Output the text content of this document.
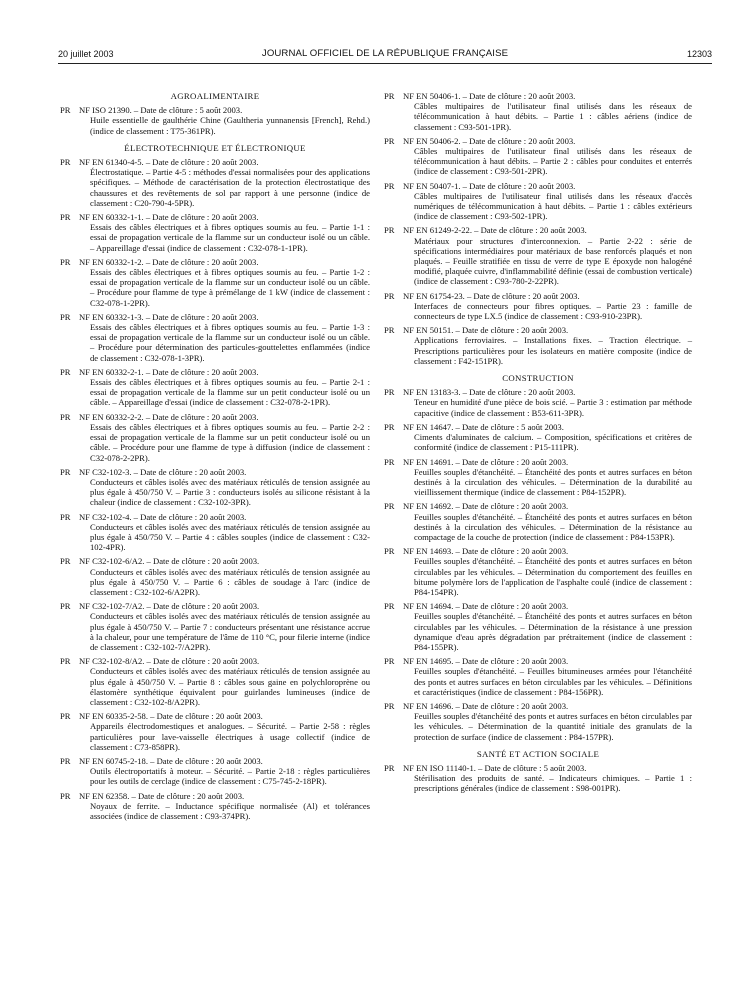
20 juillet 2003	JOURNAL OFFICIEL DE LA RÉPUBLIQUE FRANÇAISE	12303
AGROALIMENTAIRE
PR NF ISO 21390. – Date de clôture : 5 août 2003.
Huile essentielle de gaulthérie Chine (Gaultheria yunnanensis [French], Rehd.) (indice de classement : T75-361PR).
ÉLECTROTECHNIQUE ET ÉLECTRONIQUE
PR NF EN 61340-4-5. – Date de clôture : 20 août 2003.
Électrostatique. – Partie 4-5 : méthodes d'essai normalisées pour des applications spécifiques. – Méthode de caractérisation de la protection électrostatique des chaussures et des revêtements de sol par rapport à une personne (indice de classement : C20-790-4-5PR).
PR NF EN 60332-1-1. – Date de clôture : 20 août 2003.
Essais des câbles électriques et à fibres optiques soumis au feu. – Partie 1-1 : essai de propagation verticale de la flamme sur un conducteur isolé ou un câble. – Appareillage d'essai (indice de classement : C32-078-1-1PR).
PR NF EN 60332-1-2. – Date de clôture : 20 août 2003.
Essais des câbles électriques et à fibres optiques soumis au feu. – Partie 1-2 : essai de propagation verticale de la flamme sur un conducteur isolé ou un câble. – Procédure pour flamme de type à prémélange de 1 kW (indice de classement : C32-078-1-2PR).
PR NF EN 60332-1-3. – Date de clôture : 20 août 2003.
Essais des câbles électriques et à fibres optiques soumis au feu. – Partie 1-3 : essai de propagation verticale de la flamme sur un conducteur isolé ou un câble. – Procédure pour détermination des particules-gouttelettes enflammées (indice de classement : C32-078-1-3PR).
PR NF EN 60332-2-1. – Date de clôture : 20 août 2003.
Essais des câbles électriques et à fibres optiques soumis au feu. – Partie 2-1 : essai de propagation verticale de la flamme sur un petit conducteur isolé ou un câble. – Appareillage d'essai (indice de classement : C32-078-2-1PR).
PR NF EN 60332-2-2. – Date de clôture : 20 août 2003.
Essais des câbles électriques et à fibres optiques soumis au feu. – Partie 2-2 : essai de propagation verticale de la flamme sur un petit conducteur isolé ou un câble. – Procédure pour une flamme de type à diffusion (indice de classement : C32-078-2-2PR).
PR NF C32-102-3. – Date de clôture : 20 août 2003.
Conducteurs et câbles isolés avec des matériaux réticulés de tension assignée au plus égale à 450/750 V. – Partie 3 : conducteurs isolés au silicone résistant à la chaleur (indice de classement : C32-102-3PR).
PR NF C32-102-4. – Date de clôture : 20 août 2003.
Conducteurs et câbles isolés avec des matériaux réticulés de tension assignée au plus égale à 450/750 V. – Partie 4 : câbles souples (indice de classement : C32-102-4PR).
PR NF C32-102-6/A2. – Date de clôture : 20 août 2003.
Conducteurs et câbles isolés avec des matériaux réticulés de tension assignée au plus égale à 450/750 V. – Partie 6 : câbles de soudage à l'arc (indice de classement : C32-102-6/A2PR).
PR NF C32-102-7/A2. – Date de clôture : 20 août 2003.
Conducteurs et câbles isolés avec des matériaux réticulés de tension assignée au plus égale à 450/750 V. – Partie 7 : conducteurs présentant une résistance accrue à la chaleur, pour une température de l'âme de 110 °C, pour filerie interne (indice de classement : C32-102-7/A2PR).
PR NF C32-102-8/A2. – Date de clôture : 20 août 2003.
Conducteurs et câbles isolés avec des matériaux réticulés de tension assignée au plus égale à 450/750 V. – Partie 8 : câbles sous gaine en polychloroprène ou élastomère synthétique équivalent pour guirlandes lumineuses (indice de classement : C32-102-8/A2PR).
PR NF EN 60335-2-58. – Date de clôture : 20 août 2003.
Appareils électrodomestiques et analogues. – Sécurité. – Partie 2-58 : règles particulières pour lave-vaisselle électriques à usage collectif (indice de classement : C73-858PR).
PR NF EN 60745-2-18. – Date de clôture : 20 août 2003.
Outils électroportatifs à moteur. – Sécurité. – Partie 2-18 : règles particulières pour les outils de cerclage (indice de classement : C75-745-2-18PR).
PR NF EN 62358. – Date de clôture : 20 août 2003.
Noyaux de ferrite. – Inductance spécifique normalisée (Al) et tolérances associées (indice de classement : C93-374PR).
PR NF EN 50406-1. – Date de clôture : 20 août 2003.
Câbles multipaires de l'utilisateur final utilisés dans les réseaux de télécommunication à haut débits. – Partie 1 : câbles aériens (indice de classement : C93-501-1PR).
PR NF EN 50406-2. – Date de clôture : 20 août 2003.
Câbles multipaires de l'utilisateur final utilisés dans les réseaux de télécommunication à haut débits. – Partie 2 : câbles pour conduites et enterrés (indice de classement : C93-501-2PR).
PR NF EN 50407-1. – Date de clôture : 20 août 2003.
Câbles multipaires de l'utilisateur final utilisés dans les réseaux d'accès numériques de télécommunication à haut débits. – Partie 1 : câbles extérieurs (indice de classement : C93-502-1PR).
PR NF EN 61249-2-22. – Date de clôture : 20 août 2003.
Matériaux pour structures d'interconnexion. – Partie 2-22 : série de spécifications intermédiaires pour matériaux de base renforcés plaqués et non plaqués. – Feuille stratifiée en tissu de verre de type E époxyde non halogéné modifié, plaquée cuivre, d'inflammabilité définie (essai de combustion verticale) (indice de classement : C93-780-2-22PR).
PR NF EN 61754-23. – Date de clôture : 20 août 2003.
Interfaces de connecteurs pour fibres optiques. – Partie 23 : famille de connecteurs de type LX.5 (indice de classement : C93-910-23PR).
PR NF EN 50151. – Date de clôture : 20 août 2003.
Applications ferroviaires. – Installations fixes. – Traction électrique. – Prescriptions particulières pour les isolateurs en matière composite (indice de classement : F42-151PR).
CONSTRUCTION
PR NF EN 13183-3. – Date de clôture : 20 août 2003.
Teneur en humidité d'une pièce de bois scié. – Partie 3 : estimation par méthode capacitive (indice de classement : B53-611-3PR).
PR NF EN 14647. – Date de clôture : 5 août 2003.
Ciments d'aluminates de calcium. – Composition, spécifications et critères de conformité (indice de classement : P15-111PR).
PR NF EN 14691. – Date de clôture : 20 août 2003.
Feuilles souples d'étanchéité. – Étanchéité des ponts et autres surfaces en béton destinés à la circulation des véhicules. – Détermination de la durabilité au vieillissement thermique (indice de classement : P84-152PR).
PR NF EN 14692. – Date de clôture : 20 août 2003.
Feuilles souples d'étanchéité. – Étanchéité des ponts et autres surfaces en béton destinés à la circulation des véhicules. – Détermination de la résistance au compactage de la couche de protection (indice de classement : P84-153PR).
PR NF EN 14693. – Date de clôture : 20 août 2003.
Feuilles souples d'étanchéité. – Étanchéité des ponts et autres surfaces en béton circulables par les véhicules. – Détermination du comportement des feuilles en bitume polymère lors de l'application de l'asphalte coulé (indice de classement : P84-154PR).
PR NF EN 14694. – Date de clôture : 20 août 2003.
Feuilles souples d'étanchéité. – Étanchéité des ponts et autres surfaces en béton circulables par les véhicules. – Détermination de la résistance à une pression dynamique d'eau après dégradation par prétraitement (indice de classement : P84-155PR).
PR NF EN 14695. – Date de clôture : 20 août 2003.
Feuilles souples d'étanchéité. – Feuilles bitumineuses armées pour l'étanchéité des ponts et autres surfaces en béton circulables par les véhicules. – Définitions et caractéristiques (indice de classement : P84-156PR).
PR NF EN 14696. – Date de clôture : 20 août 2003.
Feuilles souples d'étanchéité des ponts et autres surfaces en béton circulables par les véhicules. – Détermination de la quantité initiale des granulats de la protection de surface (indice de classement : P84-157PR).
SANTÉ ET ACTION SOCIALE
PR NF EN ISO 11140-1. – Date de clôture : 5 août 2003.
Stérilisation des produits de santé. – Indicateurs chimiques. – Partie 1 : prescriptions générales (indice de classement : S98-001PR).
